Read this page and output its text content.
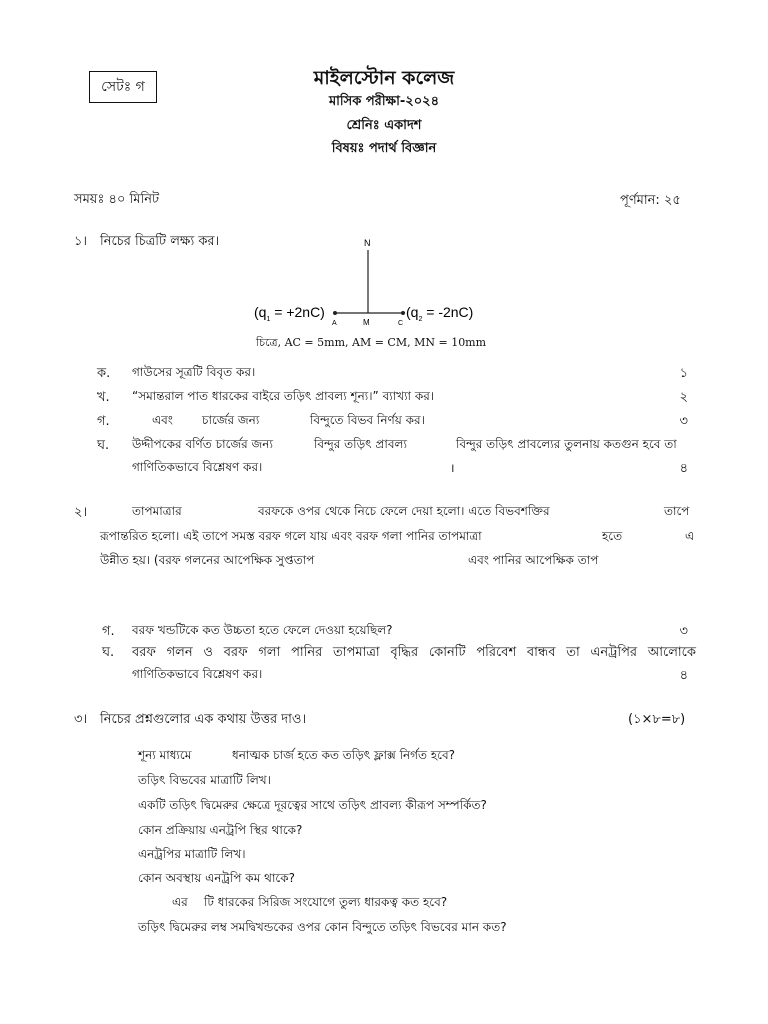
সেটঃ গ	মাইলস্টোন কলেজ
মাসিক পরীক্ষা-২০২৪
শ্রেনিঃ একাদশ
বিষয়ঃ পদার্থ বিজ্ঞান
সময়ঃ ৪০ মিনিট	পূর্ণমান: ২৫
১। নিচের চিত্রটি লক্ষ্য কর।	N
$(q_1 = +2nC)$	$(q_2 = -2nC)$
A	M	C
চিত্রে, AC = 5mm, AM = CM, MN = 10mm
ক. গাউসের সূত্রটি বিবৃত কর।	১
খ. “সমান্তরাল পাত ধারকের বাইরে তড়িৎ প্রাবল্য শূন্য।” ব্যাখ্যা কর।	২
গ.	এবং চার্জের জন্য	বিন্দুতে বিভব নির্ণয় কর।	৩
ঘ. উদ্দীপকের বর্ণিত চার্জের জন্য	বিন্দুর তড়িৎ প্রাবল্য	বিন্দুর তড়িৎ প্রাবল্যের তুলনায় কতগুন হবে তা
গাণিতিকভাবে বিশ্লেষণ কর।	।	৪
২।	তাপমাত্রার	বরফকে ওপর থেকে নিচে ফেলে দেয়া হলো। এতে বিভবশক্তির	তাপে
রূপান্তরিত হলো। এই তাপে সমস্ত বরফ গলে যায় এবং বরফ গলা পানির তাপমাত্রা	হতে	এ
উন্নীত হয়। (বরফ গলনের আপেক্ষিক সুপ্ততাপ	এবং পানির আপেক্ষিক তাপ
গ. বরফ খন্ডটিকে কত উচ্চতা হতে ফেলে দেওয়া হয়েছিল?	৩
ঘ. বরফ গলন ও বরফ গলা পানির তাপমাত্রা বৃদ্ধির কোনটি পরিবেশ বান্ধব তা এনট্রপির আলোকে
গাণিতিকভাবে বিশ্লেষণ কর।	৪
৩। নিচের প্রশ্নগুলোর এক কথায় উত্তর দাও।	(১×৮=৮)
শূন্য মাধ্যমে	ধনাত্মক চার্জ হতে কত তড়িৎ ফ্লাক্স নির্গত হবে?
তড়িৎ বিভবের মাত্রাটি লিখ।
একটি তড়িৎ দ্বিমেরুর ক্ষেত্রে দূরত্বের সাথে তড়িৎ প্রাবল্য কীরূপ সম্পর্কিত?
কোন প্রক্রিয়ায় এনট্রপি স্থির থাকে?
এনট্রপির মাত্রাটি লিখ।
কোন অবস্থায় এনট্রপি কম থাকে?
এর টি ধারকের সিরিজ সংযোগে তুল্য ধারকত্ব কত হবে?
তড়িৎ দ্বিমেরুর লম্ব সমদ্বিখন্ডকের ওপর কোন বিন্দুতে তড়িৎ বিভবের মান কত?
